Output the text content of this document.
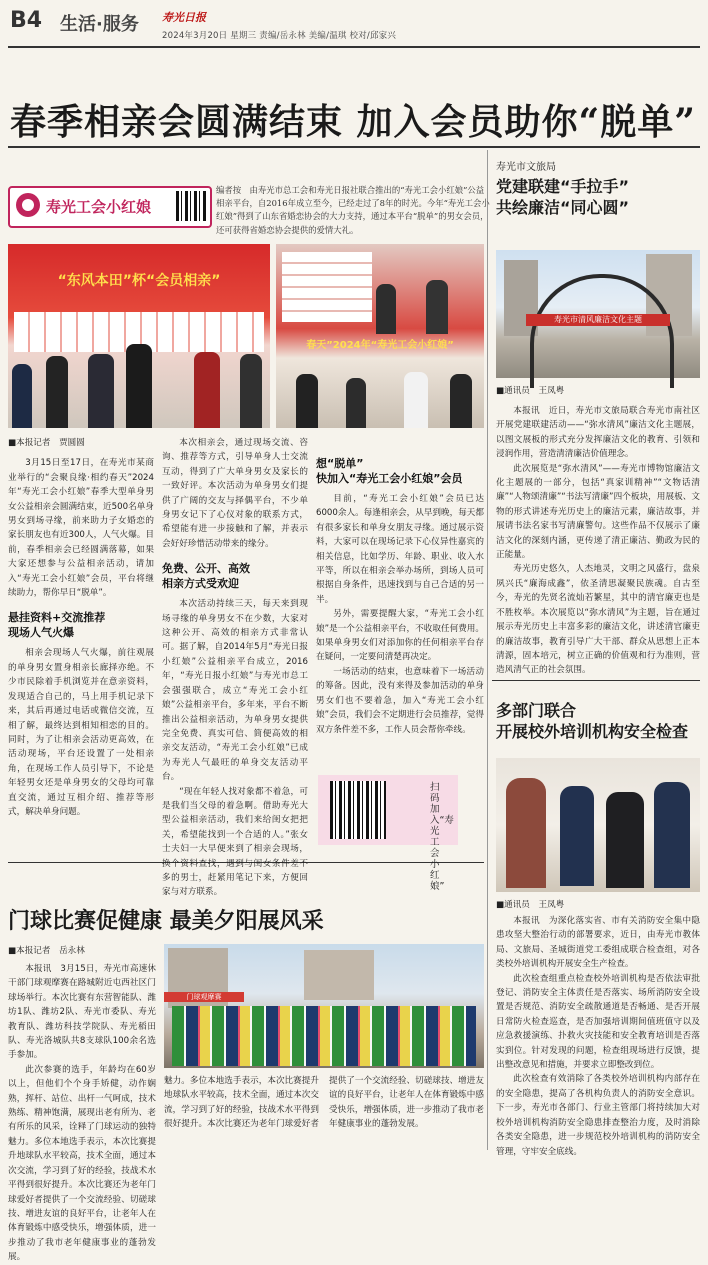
B4 生活·服务 寿光日报
2024年3月20日 星期三 责编/岳永林 美编/温琪 校对/邱家兴
春季相亲会圆满结束 加入会员助你“脱单”
寿光工会小红娘
编者按　由寿光市总工会和寿光日报社联合推出的“寿光工会小红娘”公益相亲平台，自2016年成立至今，已经走过了8年的时光。今年“寿光工会小红娘”得到了山东省婚恋协会的大力支持，通过本平台“脱单”的男女会员，还可获得省婚恋协会提供的爱情大礼。
“东风本田”杯“会员相亲”
春天”2024年“寿光工会小红娘”
■本报记者　贾圆圆

3月15日至17日，在寿光市某商业举行的“会聚良缘·相约春天”2024年“寿光工会小红娘”春季大型单身男女公益相亲会圆满结束，近500名单身男女到场寻缘，前来助力子女婚恋的家长朋友也有近300人，人气火爆。目前，春季相亲会已经圆满落幕，如果大家还想参与公益相亲活动，请加入“寿光工会小红娘”会员，平台将继续助力，帮你早日“脱单”。

悬挂资料+交流推荐
现场人气火爆

相亲会现场人气火爆，前往观展的单身男女置身相亲长廊择亦绝。不少市民除着手机浏览并在意亲资料，发现适合自己的，马上用手机记录下来，其后再通过电话或微信交流，互相了解，最终达到相知相恋的目的。同时，为了让相亲会活动更高效，在活动现场，平台还设置了一处相亲角，在现场工作人员引导下，不论是年轻男女还是单身男女的父母均可靠直交流，通过互相介绍、推荐等形式，解决单身问题。

本次相亲会，通过现场交流、咨询、推荐等方式，引导单身人士交流互动，得到了广大单身男女及家长的一致好评。本次活动为单身男女们提供了广阔的交友与择偶平台，不少单身男女记下了心仪对象的联系方式，希望能有进一步接触和了解，并表示会好好珍惜活动带来的缘分。

免费、公开、高效
相亲方式受欢迎

本次活动持续三天，每天来到现场寻缘的单身男女不在少数，大家对这种公开、高效的相亲方式非常认可。据了解，自2014年5月“寿光日报小红娘”公益相亲平台成立，2016年，“寿光日报小红娘”与寿光市总工会强强联合，成立“寿光工会小红娘”公益相亲平台，多年来，平台不断推出公益相亲活动，为单身男女提供完全免费、真实可信、简便高效的相亲交友活动，“寿光工会小红娘”已成为寿光人气最旺的单身交友活动平台。

“现在年轻人找对象都不着急，可是我们当父母的着急啊。借助寿光大型公益相亲活动，我们来给闺女把把关，希望能找到一个合适的人。”张女士夫妇一大早便来到了相亲会现场，换个资料查找，遇到与闺女条件差不多的男士，赶紧用笔记下来，方便回家与对方联系。

想“脱单”
快加入“寿光工会小红娘”会员

目前，“寿光工会小红娘”会员已达6000余人。每逢相亲会，从早到晚，每天都有很多家长和单身女朋友寻缘。通过展示资料，大家可以在现场记录下心仪异性嘉宾的相关信息，比如学历、年龄、职业、收入水平等，所以在相亲会举办场所，到场人员可根据自身条件，迅速找到与自己合适的另一半。

另外，需要提醒大家，“寿光工会小红娘”是一个公益相亲平台，不收取任何费用。如果单身男女们对添加你的任何相亲平台存在疑问，一定要问清楚再决定。

一场活动的结束，也意味着下一场活动的筹备。因此，没有来得及参加活动的单身男女们也不要着急，加入“寿光工会小红娘”会员，我们会不定期进行会员推荐，觉得双方条件差不多，工作人员会帮你牵线。

扫码加入“寿光工会小红娘”
寿光市文旅局
党建联建“手拉手”
共绘廉洁“同心圆”
寿光市清风廉洁文化主题
■通讯员　王凤粤

本报讯　近日，寿光市文旅局联合寿光市南社区开展党建联建活动——“弥水清风”廉洁文化主题展，以图文展板的形式充分发挥廉洁文化的教育、引领和浸润作用，营造清清廉洁价值理念。

此次展览是“弥水清风”——寿光市博物馆廉洁文化主题展的一部分，包括“真家训精神”“文物话清廉”“人物颂清廉”“书法写清廉”四个板块，用展板、文物的形式讲述寿光历史上的廉洁元素，廉洁故事，并展请书法名家书写清廉警句。这些作品不仅展示了廉洁文化的深刻内涵，更传递了清正廉洁、勤政为民的正能量。

寿光历史悠久，人杰地灵，文明之风盛行，盘泉夙兴氏“廉海成鑫”，依圣清思凝聚民族魂。自古至今，寿光的先贤名流灿若繁星，其中的清官廉吏也是不胜枚举。本次展览以“弥水清风”为主题，旨在通过展示寿光历史上丰富多彩的廉洁文化，讲述清官廉吏的廉洁故事，教育引导广大干部、群众从思想上正本清源，固本培元，树立正确的价值观和行为准则，营造风清气正的社会氛围。

多部门联合
开展校外培训机构安全检查
■通讯员　王凤粤

本报讯　为深化落实省、市有关消防安全集中隐患攻坚大整治行动的部署要求，近日，由寿光市教体局、文旅局、圣城街道党工委组成联合检查组，对各类校外培训机构开展安全生产检查。

此次检查组重点检查校外培训机构是否依法审批登记、消防安全主体责任是否落实、场所消防安全设置是否规范、消防安全疏散通道是否畅通、是否开展日常防火检查巡查，是否加强培训期间值班值守以及应急救援演练、扑救火灾技能和安全教育培训是否落实到位。针对发现的问题，检查组现场进行反馈，提出整改意见和措施，并要求立即整改到位。

此次检查有效消除了各类校外培训机构内部存在的安全隐患，提高了各机构负责人的消防安全意识。下一步，寿光市各部门、行业主管部门将持续加大对校外培训机构消防安全隐患排查整治力度，及时消除各类安全隐患，进一步规范校外培训机构的消防安全管理，守牢安全底线。

门球比赛促健康 最美夕阳展风采
■本报记者　岳永林

本报讯　3月15日，寿光市高速休干部门球观摩赛在路城附近屯西社区门球场举行。本次比赛有东营智能队、潍坊1队、潍坊2队、寿光市委队、寿光教育队、潍坊科技学院队、寿光稻田队、寿光洛城队共8支球队100余名选手参加。

此次参赛的选手，年龄均在60岁以上，但他们个个身手矫健，动作娴熟，挥杆、站位、出杆一气呵成，技术熟练、精神饱满，展现出老有所为、老有所乐的风采，诠释了门球运动的独特魅力。多位本地选手表示，本次比赛提升地球队水平较高，技术全面，通过本次交流，学习到了好的经验，技战术水平得到很好提升。本次比赛还为老年门球爱好者提供了一个交流经验、切磋球技、增进友谊的良好平台，让老年人在体育锻炼中感受快乐，增强体质，进一步推动了我市老年健康事业的蓬勃发展。

门球观摩赛

魅力。多位本地选手表示，本次比赛提升地球队水平较高，技术全面，通过本次交流，学习到了好的经验，技战术水平得到很好提升。本次比赛还为老年门球爱好者提供了一个交流经验、切磋球技、增进友谊的良好平台，让老年人在体育锻炼中感受快乐，增强体质，进一步推动了我市老年健康事业的蓬勃发展。
